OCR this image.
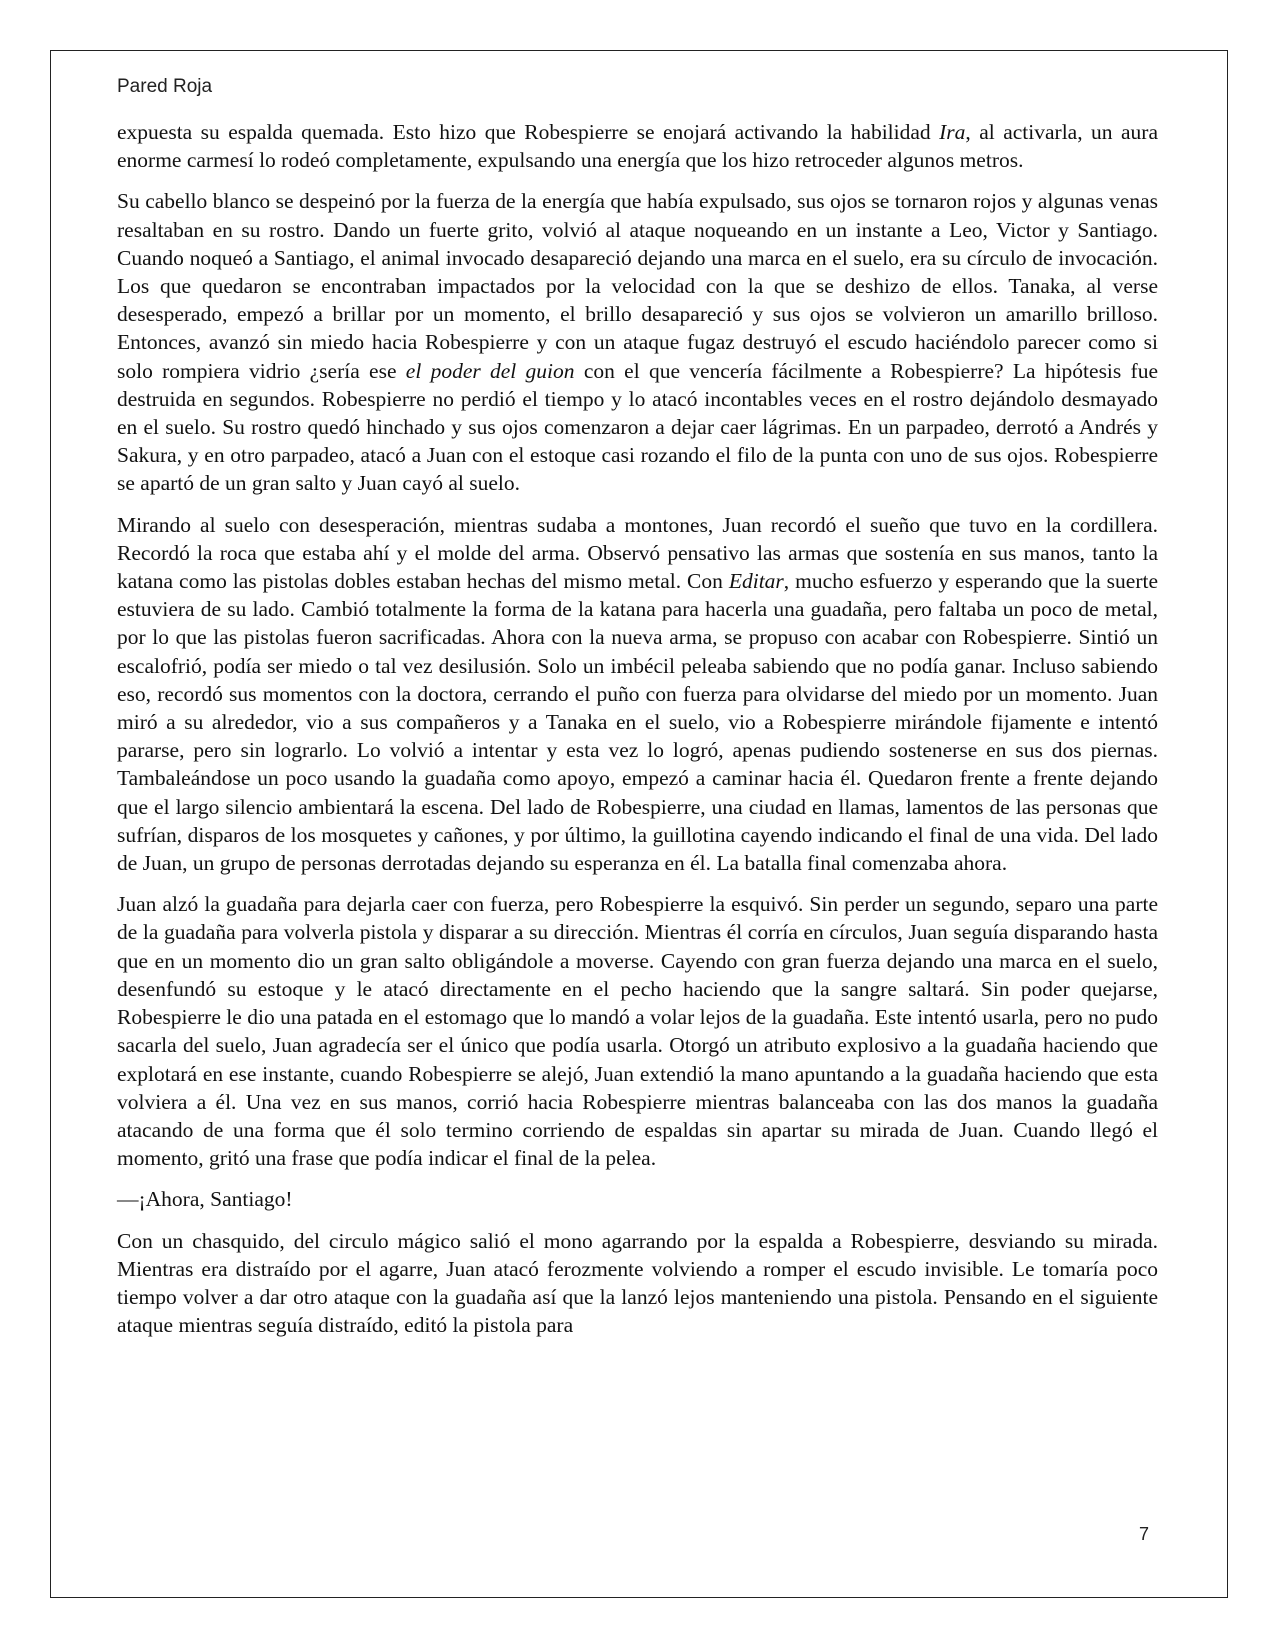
Pared Roja

expuesta su espalda quemada. Esto hizo que Robespierre se enojará activando la habilidad Ira, al activarla, un aura enorme carmesí lo rodeó completamente, expulsando una energía que los hizo retroceder algunos metros.

Su cabello blanco se despeinó por la fuerza de la energía que había expulsado, sus ojos se tornaron rojos y algunas venas resaltaban en su rostro. Dando un fuerte grito, volvió al ataque noqueando en un instante a Leo, Victor y Santiago. Cuando noqueó a Santiago, el animal invocado desapareció dejando una marca en el suelo, era su círculo de invocación. Los que quedaron se encontraban impactados por la velocidad con la que se deshizo de ellos. Tanaka, al verse desesperado, empezó a brillar por un momento, el brillo desapareció y sus ojos se volvieron un amarillo brilloso. Entonces, avanzó sin miedo hacia Robespierre y con un ataque fugaz destruyó el escudo haciéndolo parecer como si solo rompiera vidrio ¿sería ese el poder del guion con el que vencería fácilmente a Robespierre? La hipótesis fue destruida en segundos. Robespierre no perdió el tiempo y lo atacó incontables veces en el rostro dejándolo desmayado en el suelo. Su rostro quedó hinchado y sus ojos comenzaron a dejar caer lágrimas. En un parpadeo, derrotó a Andrés y Sakura, y en otro parpadeo, atacó a Juan con el estoque casi rozando el filo de la punta con uno de sus ojos. Robespierre se apartó de un gran salto y Juan cayó al suelo.

Mirando al suelo con desesperación, mientras sudaba a montones, Juan recordó el sueño que tuvo en la cordillera. Recordó la roca que estaba ahí y el molde del arma. Observó pensativo las armas que sostenía en sus manos, tanto la katana como las pistolas dobles estaban hechas del mismo metal. Con Editar, mucho esfuerzo y esperando que la suerte estuviera de su lado. Cambió totalmente la forma de la katana para hacerla una guadaña, pero faltaba un poco de metal, por lo que las pistolas fueron sacrificadas. Ahora con la nueva arma, se propuso con acabar con Robespierre. Sintió un escalofrió, podía ser miedo o tal vez desilusión. Solo un imbécil peleaba sabiendo que no podía ganar. Incluso sabiendo eso, recordó sus momentos con la doctora, cerrando el puño con fuerza para olvidarse del miedo por un momento. Juan miró a su alrededor, vio a sus compañeros y a Tanaka en el suelo, vio a Robespierre mirándole fijamente e intentó pararse, pero sin lograrlo. Lo volvió a intentar y esta vez lo logró, apenas pudiendo sostenerse en sus dos piernas. Tambaleándose un poco usando la guadaña como apoyo, empezó a caminar hacia él. Quedaron frente a frente dejando que el largo silencio ambientará la escena. Del lado de Robespierre, una ciudad en llamas, lamentos de las personas que sufrían, disparos de los mosquetes y cañones, y por último, la guillotina cayendo indicando el final de una vida. Del lado de Juan, un grupo de personas derrotadas dejando su esperanza en él. La batalla final comenzaba ahora.

Juan alzó la guadaña para dejarla caer con fuerza, pero Robespierre la esquivó. Sin perder un segundo, separo una parte de la guadaña para volverla pistola y disparar a su dirección. Mientras él corría en círculos, Juan seguía disparando hasta que en un momento dio un gran salto obligándole a moverse. Cayendo con gran fuerza dejando una marca en el suelo, desenfundó su estoque y le atacó directamente en el pecho haciendo que la sangre saltará. Sin poder quejarse, Robespierre le dio una patada en el estomago que lo mandó a volar lejos de la guadaña. Este intentó usarla, pero no pudo sacarla del suelo, Juan agradecía ser el único que podía usarla. Otorgó un atributo explosivo a la guadaña haciendo que explotará en ese instante, cuando Robespierre se alejó, Juan extendió la mano apuntando a la guadaña haciendo que esta volviera a él. Una vez en sus manos, corrió hacia Robespierre mientras balanceaba con las dos manos la guadaña atacando de una forma que él solo termino corriendo de espaldas sin apartar su mirada de Juan. Cuando llegó el momento, gritó una frase que podía indicar el final de la pelea.

—¡Ahora, Santiago!

Con un chasquido, del circulo mágico salió el mono agarrando por la espalda a Robespierre, desviando su mirada. Mientras era distraído por el agarre, Juan atacó ferozmente volviendo a romper el escudo invisible. Le tomaría poco tiempo volver a dar otro ataque con la guadaña así que la lanzó lejos manteniendo una pistola. Pensando en el siguiente ataque mientras seguía distraído, editó la pistola para

7
